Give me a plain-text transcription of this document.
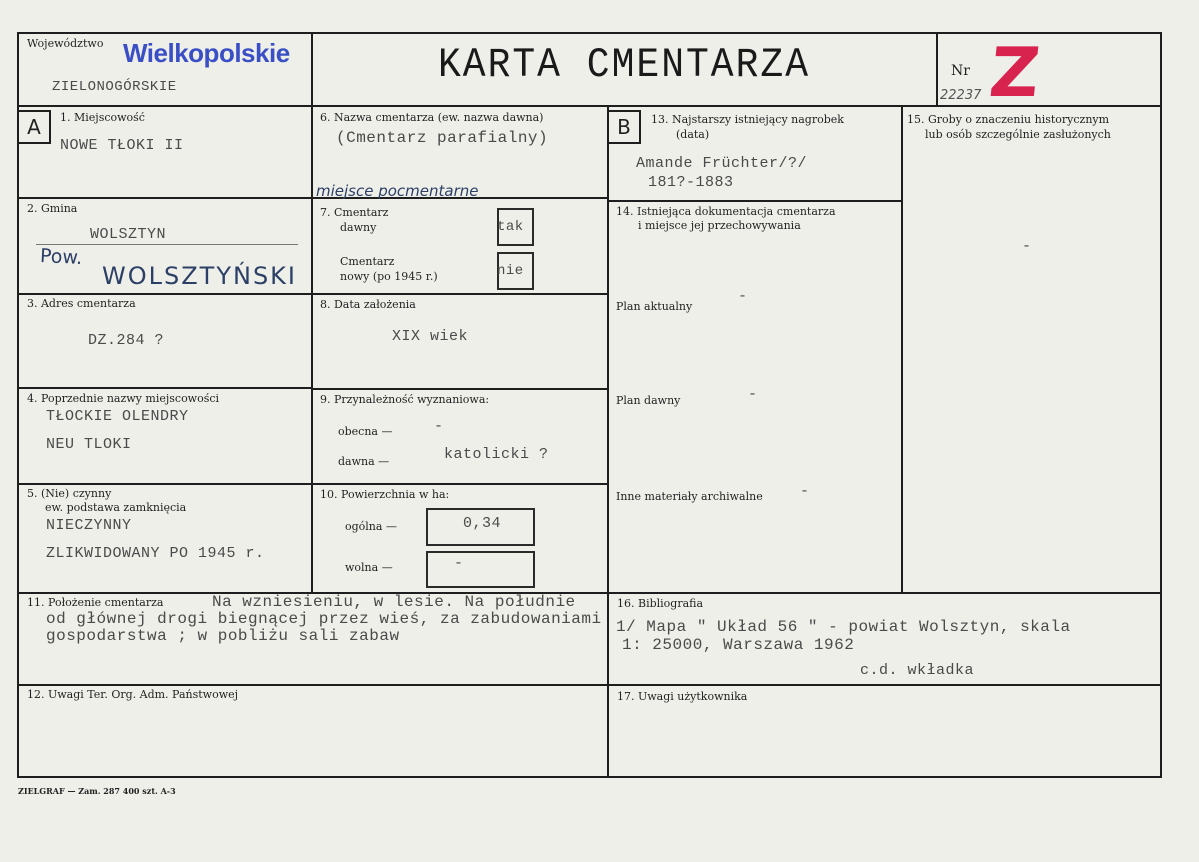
Województwo Wielkopolskie
ZIELONOGÓRSKIE	KARTA CMENTARZA	Nr Z
22237
A	B
1. Miejscowość
NOWE TŁOKI II
2. Gmina
WOLSZTYN
Pow.
WOLSZTYŃSKI
3. Adres cmentarza
DZ.284 ?
4. Poprzednie nazwy miejscowości
TŁOCKIE OLENDRY
NEU TLOKI
5. (Nie) czynny
ew. podstawa zamknięcia
NIECZYNNY
ZLIKWIDOWANY PO 1945 r.
6. Nazwa cmentarza (ew. nazwa dawna)
(Cmentarz parafialny)
miejsce pocmentarne
7. Cmentarz
dawny	tak
Cmentarz
nowy (po 1945 r.)	nie
8. Data założenia
XIX wiek
9. Przynależność wyznaniowa:
obecna —	-
dawna —	katolicki ?
10. Powierzchnia w ha:
ogólna —	0,34
wolna —	-
13. Najstarszy istniejący nagrobek
(data)
Amande Früchter/?/
181?-1883
14. Istniejąca dokumentacja cmentarza
i miejsce jej przechowywania
Plan aktualny
-
Plan dawny	-
Inne materiały archiwalne -
15. Groby o znaczeniu historycznym
lub osób szczególnie zasłużonych
-
11. Położenie cmentarza	Na wzniesieniu, w lesie. Na południe
od głównej drogi biegnącej przez wieś, za zabudowaniami
gospodarstwa ; w pobliżu sali zabaw
16. Bibliografia
1/ Mapa " Układ 56 " - powiat Wolsztyn, skala
1: 25000, Warszawa 1962
c.d. wkładka
12. Uwagi Ter. Org. Adm. Państwowej	17. Uwagi użytkownika
ZIELGRAF — Zam. 287 400 szt. A-3
